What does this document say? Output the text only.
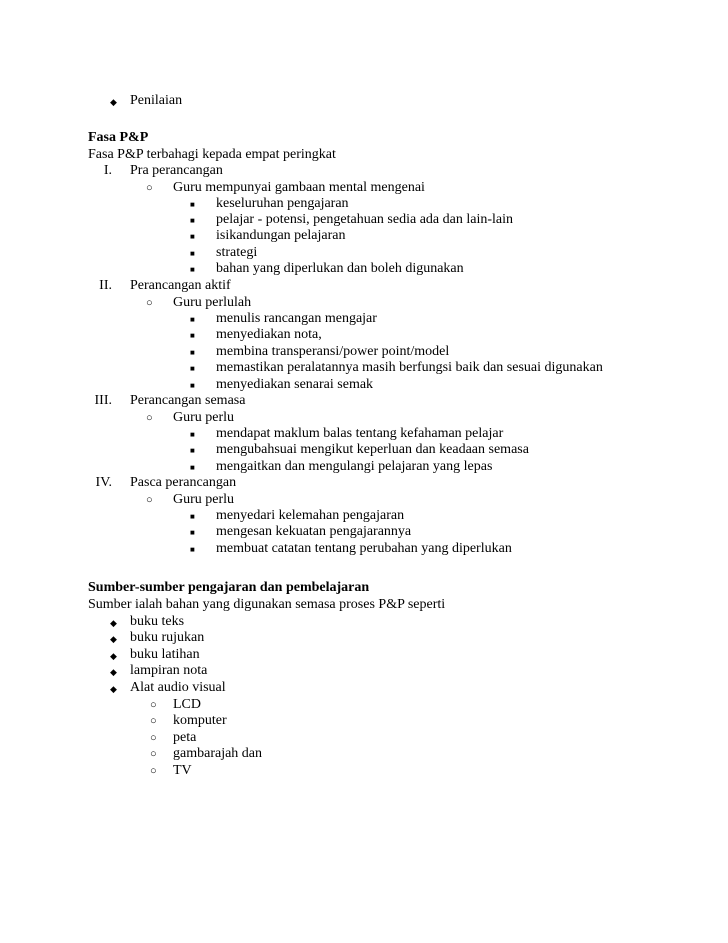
◆ Penilaian
Fasa P&P
Fasa P&P terbahagi kepada empat peringkat
I. Pra perancangan
○ Guru mempunyai gambaan mental mengenai
■ keseluruhan pengajaran
■ pelajar - potensi, pengetahuan sedia ada dan lain-lain
■ isikandungan pelajaran
■ strategi
■ bahan yang diperlukan dan boleh digunakan
II. Perancangan aktif
○ Guru perlulah
■ menulis rancangan mengajar
■ menyediakan nota,
■ membina transperansi/power point/model
■ memastikan peralatannya masih berfungsi baik dan sesuai digunakan
■ menyediakan senarai semak
III. Perancangan semasa
○ Guru perlu
■ mendapat maklum balas tentang kefahaman pelajar
■ mengubahsuai mengikut keperluan dan keadaan semasa
■ mengaitkan dan mengulangi pelajaran yang lepas
IV. Pasca perancangan
○ Guru perlu
■ menyedari kelemahan pengajaran
■ mengesan kekuatan pengajarannya
■ membuat catatan tentang perubahan yang diperlukan
Sumber-sumber pengajaran dan pembelajaran
Sumber ialah bahan yang digunakan semasa proses P&P seperti
◆ buku teks
◆ buku rujukan
◆ buku latihan
◆ lampiran nota
◆ Alat audio visual
○ LCD
○ komputer
○ peta
○ gambarajah dan
○ TV
